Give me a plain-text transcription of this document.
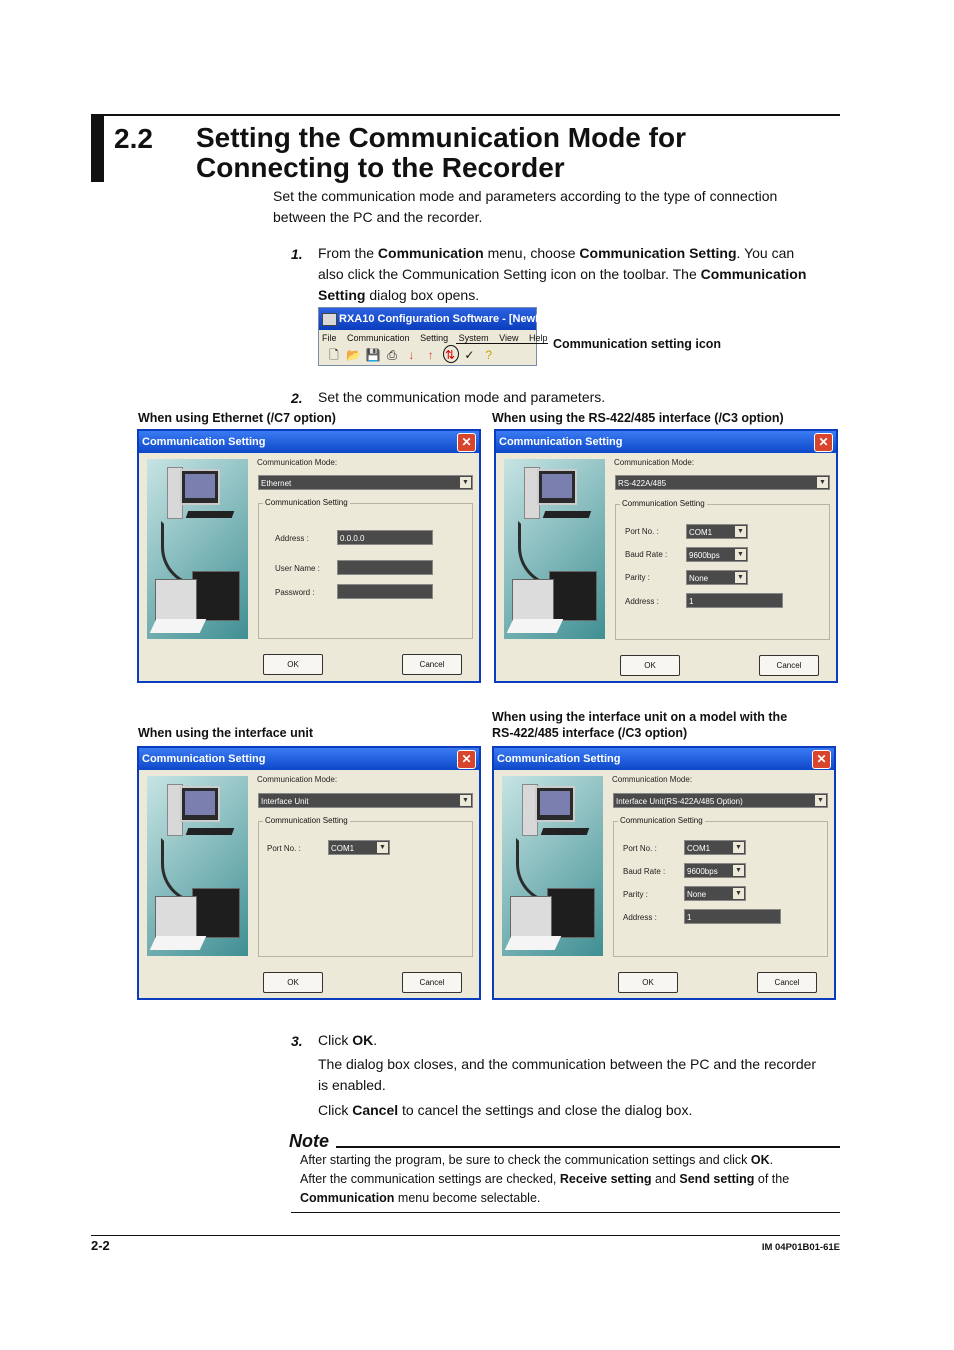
2.2 Setting the Communication Mode for
Connecting to the Recorder
Set the communication mode and parameters according to the type of connection
between the PC and the recorder.
1. From the Communication menu, choose Communication Setting. You can
also click the Communication Setting icon on the toolbar. The Communication
Setting dialog box opens.
RXA10 Configuration Software - [NewFile]
File Communication Setting System View Help
🗋 📂 💾 ⎙ ↓ ↑ ⇅ ✓ ?
Communication setting icon
2. Set the communication mode and parameters.
When using Ethernet (/C7 option)	When using the RS-422/485 interface (/C3 option)
Communication Setting	✕
Communication Mode:
Ethernet	▼
Communication Setting
Address :	0.0.0.0
User Name :
Password :
OK	Cancel
Communication Setting	✕
Communication Mode:
RS-422A/485	▼
Communication Setting
Port No. :	COM1	▼
Baud Rate :	9600bps ▼
Parity :	None	▼
Address :	1
OK	Cancel
When using the interface unit
When using the interface unit on a model with the
RS-422/485 interface (/C3 option)
Communication Setting	✕
Communication Mode:
Interface Unit	▼
Communication Setting
Port No. :	COM1	▼
OK	Cancel
Communication Setting	✕
Communication Mode:
Interface Unit(RS-422A/485 Option)	▼
Communication Setting
Port No. :	COM1	▼
Baud Rate :	9600bps ▼
Parity :	None	▼
Address :	1
OK	Cancel
3. Click OK.
The dialog box closes, and the communication between the PC and the recorder
is enabled.
Click Cancel to cancel the settings and close the dialog box.
Note
After starting the program, be sure to check the communication settings and click OK.
After the communication settings are checked, Receive setting and Send setting of the
Communication menu become selectable.
2-2	IM 04P01B01-61E
